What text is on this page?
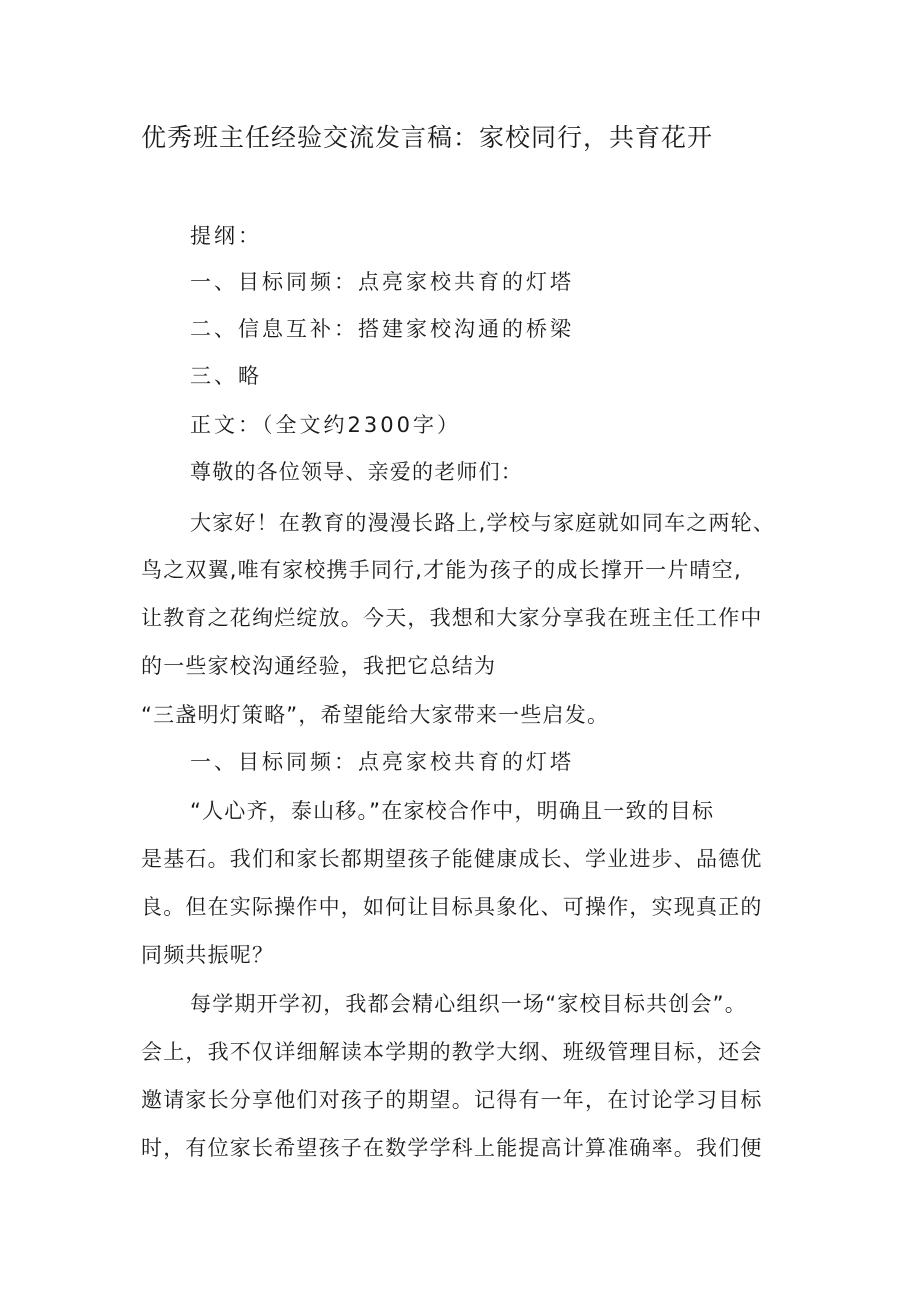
优秀班主任经验交流发言稿：家校同行，共育花开

提纲：

一、目标同频：点亮家校共育的灯塔

二、信息互补：搭建家校沟通的桥梁

三、略

正文：（全文约2300字）

尊敬的各位领导、亲爱的老师们：

大家好！在教育的漫漫长路上,学校与家庭就如同车之两轮、

鸟之双翼,唯有家校携手同行,才能为孩子的成长撑开一片晴空,

让教育之花绚烂绽放。今天，我想和大家分享我在班主任工作中

的一些家校沟通经验，我把它总结为

“三盏明灯策略”，希望能给大家带来一些启发。

一、目标同频：点亮家校共育的灯塔

“人心齐，泰山移。”在家校合作中，明确且一致的目标

是基石。我们和家长都期望孩子能健康成长、学业进步、品德优

良。但在实际操作中，如何让目标具象化、可操作，实现真正的

同频共振呢？

每学期开学初，我都会精心组织一场“家校目标共创会”。

会上，我不仅详细解读本学期的教学大纲、班级管理目标，还会

邀请家长分享他们对孩子的期望。记得有一年，在讨论学习目标

时，有位家长希望孩子在数学学科上能提高计算准确率。我们便
